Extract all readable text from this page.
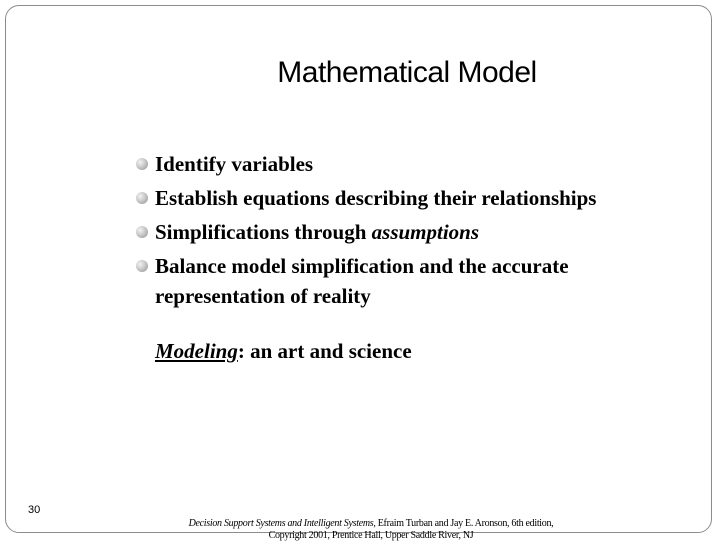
Mathematical Model
Identify variables
Establish equations describing their relationships
Simplifications through assumptions
Balance model simplification and the accurate representation of reality
Modeling: an art and science
30
Decision Support Systems and Intelligent Systems, Efraim Turban and Jay E. Aronson, 6th edition,
Copyright 2001, Prentice Hall, Upper Saddle River, NJ
